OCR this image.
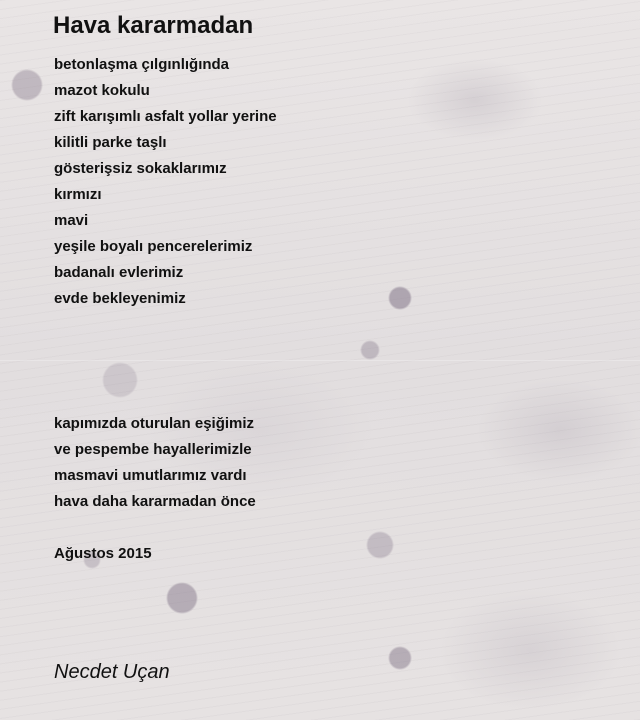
Hava kararmadan
betonlaşma çılgınlığında
mazot kokulu
zift karışımlı asfalt yollar yerine
kilitli parke taşlı
gösterişsiz sokaklarımız
kırmızı
mavi
yeşile boyalı pencerelerimiz
badanalı evlerimiz
evde bekleyenimiz
kapımızda oturulan eşiğimiz
ve pespembe hayallerimizle
masmavi umutlarımız vardı
hava daha kararmadan önce
Ağustos 2015
Necdet Uçan
